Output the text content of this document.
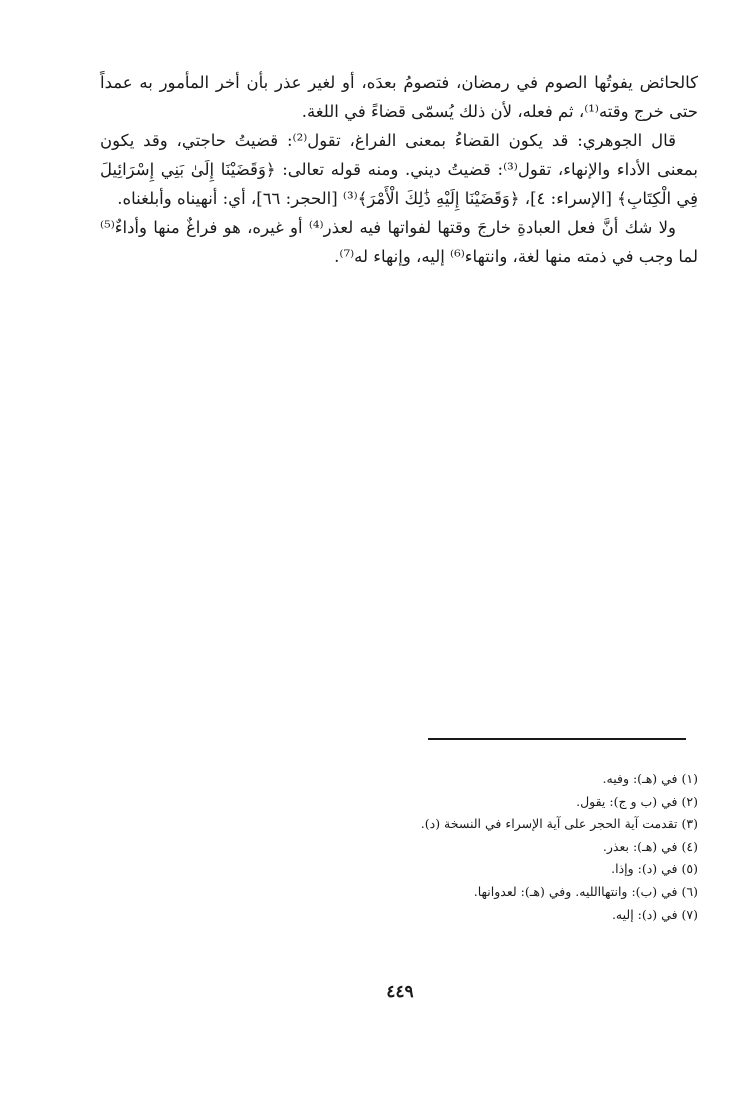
كالحائض يفوتُها الصوم في رمضان، فتصومُ بعدَه، أو لغير عذر بأن أخر المأمور به عمداً حتى خرج وقته⁽¹⁾، ثم فعله، لأن ذلك يُسمّى قضاءً في اللغة.

قال الجوهري: قد يكون القضاءُ بمعنى الفراغ، تقول⁽²⁾: قضيتُ حاجتي، وقد يكون بمعنى الأداء والإنهاء، تقول⁽³⁾: قضيتُ ديني. ومنه قوله تعالى: ﴿وَقَضَيْنَا إِلَىٰ بَنِي إِسْرَائِيلَ فِي الْكِتَابِ﴾ [الإسراء: ٤]، ﴿وَقَضَيْنَا إِلَيْهِ ذَٰلِكَ الْأَمْرَ﴾⁽³⁾ [الحجر: ٦٦]، أي: أنهيناه وأبلغناه.

ولا شك أنَّ فعل العبادةِ خارجَ وقتها لفواتها فيه لعذر⁽⁴⁾ أو غيره، هو فراغٌ منها وأداءٌ⁽⁵⁾ لما وجب في ذمته منها لغة، وانتهاء⁽⁶⁾ إليه، وإنهاء له⁽⁷⁾.

(١) في (هـ): وفيه.

(٢) في (ب و ج): يقول.

(٣) تقدمت آية الحجر على آية الإسراء في النسخة (د).

(٤) في (هـ): بعذر.

(٥) في (د): وإذا.

(٦) في (ب): وانتهاالليه. وفي (هـ): لعدوانها.

(٧) في (د): إليه.

٤٤٩
